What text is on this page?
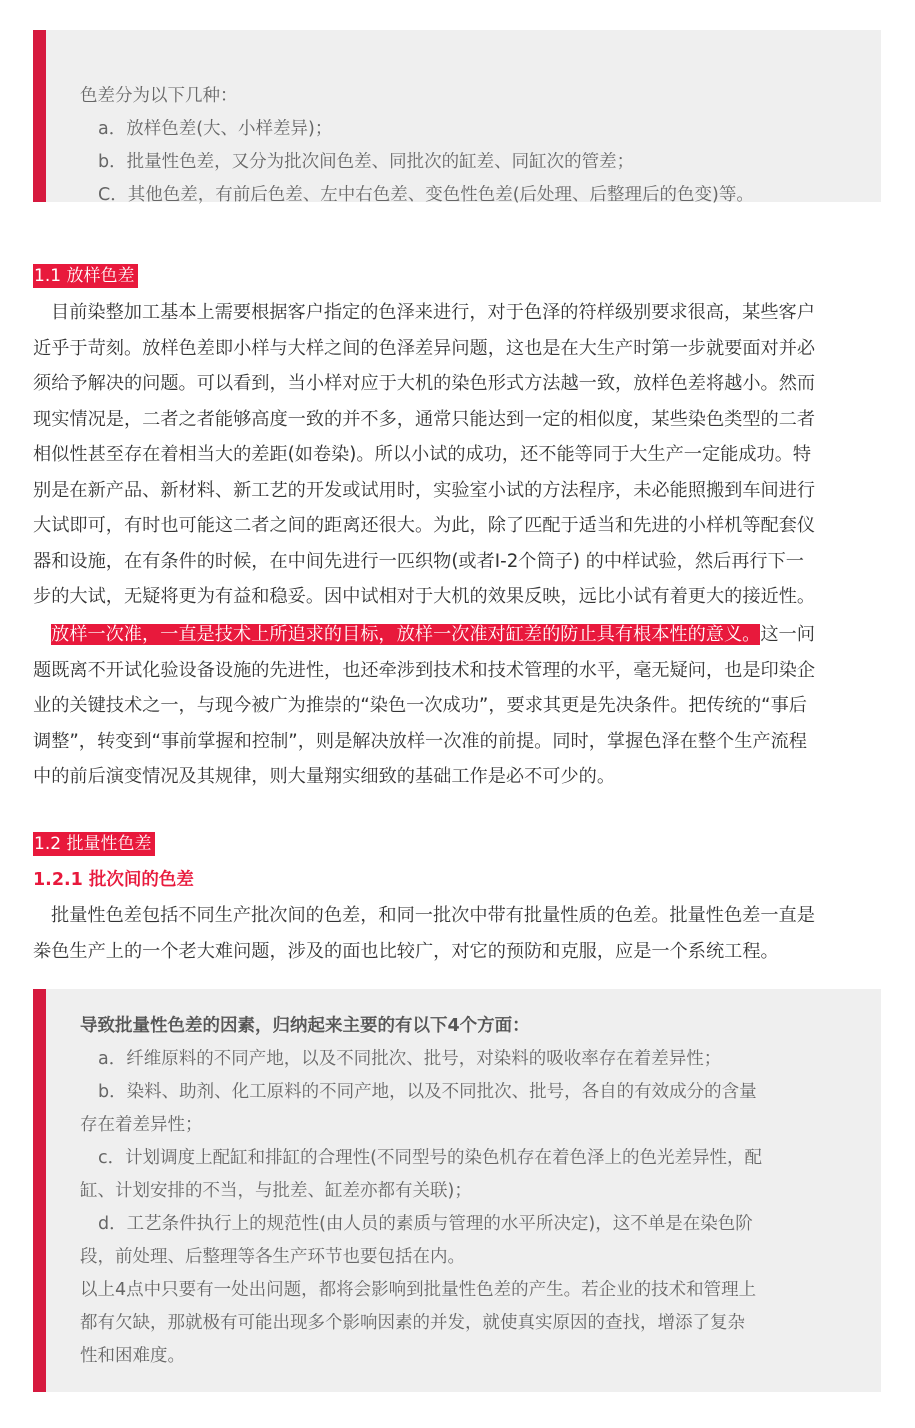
色差分为以下几种：
a．放样色差(大、小样差异)；
b．批量性色差，又分为批次间色差、同批次的缸差、同缸次的管差；
C．其他色差，有前后色差、左中右色差、变色性色差(后处理、后整理后的色变)等。
1.1 放样色差
目前染整加工基本上需要根据客户指定的色泽来进行，对于色泽的符样级别要求很高，某些客户
近乎于苛刻。放样色差即小样与大样之间的色泽差异问题，这也是在大生产时第一步就要面对并必
须给予解决的问题。可以看到，当小样对应于大机的染色形式方法越一致，放样色差将越小。然而
现实情况是，二者之者能够高度一致的并不多，通常只能达到一定的相似度，某些染色类型的二者
相似性甚至存在着相当大的差距(如卷染)。所以小试的成功，还不能等同于大生产一定能成功。特
别是在新产品、新材料、新工艺的开发或试用时，实验室小试的方法程序，未必能照搬到车间进行
大试即可，有时也可能这二者之间的距离还很大。为此，除了匹配于适当和先进的小样机等配套仪
器和设施，在有条件的时候，在中间先进行一匹织物(或者I-2个筒子) 的中样试验，然后再行下一
步的大试，无疑将更为有益和稳妥。因中试相对于大机的效果反映，远比小试有着更大的接近性。
放样一次准，一直是技术上所追求的目标，放样一次准对缸差的防止具有根本性的意义。这一问
题既离不开试化验设备设施的先进性，也还牵涉到技术和技术管理的水平，毫无疑问，也是印染企
业的关键技术之一，与现今被广为推崇的“染色一次成功”，要求其更是先决条件。把传统的“事后
调整”，转变到“事前掌握和控制”，则是解决放样一次准的前提。同时，掌握色泽在整个生产流程
中的前后演变情况及其规律，则大量翔实细致的基础工作是必不可少的。
1.2 批量性色差
1.2.1 批次间的色差
批量性色差包括不同生产批次间的色差，和同一批次中带有批量性质的色差。批量性色差一直是
桊色生产上的一个老大难问题，涉及的面也比较广，对它的预防和克服，应是一个系统工程。
导致批量性色差的因素，归纳起来主要的有以下4个方面：
a．纤维原料的不同产地，以及不同批次、批号，对染料的吸收率存在着差异性；
b．染料、助剂、化工原料的不同产地，以及不同批次、批号，各自的有效成分的含量
存在着差异性；
c．计划调度上配缸和排缸的合理性(不同型号的染色机存在着色泽上的色光差异性，配
缸、计划安排的不当，与批差、缸差亦都有关联)；
d．工艺条件执行上的规范性(由人员的素质与管理的水平所决定)，这不单是在染色阶
段，前处理、后整理等各生产环节也要包括在内。
以上4点中只要有一处出问题，都将会影响到批量性色差的产生。若企业的技术和管理上
都有欠缺，那就极有可能出现多个影响因素的并发，就使真实原因的查找，增添了复杂
性和困难度。
